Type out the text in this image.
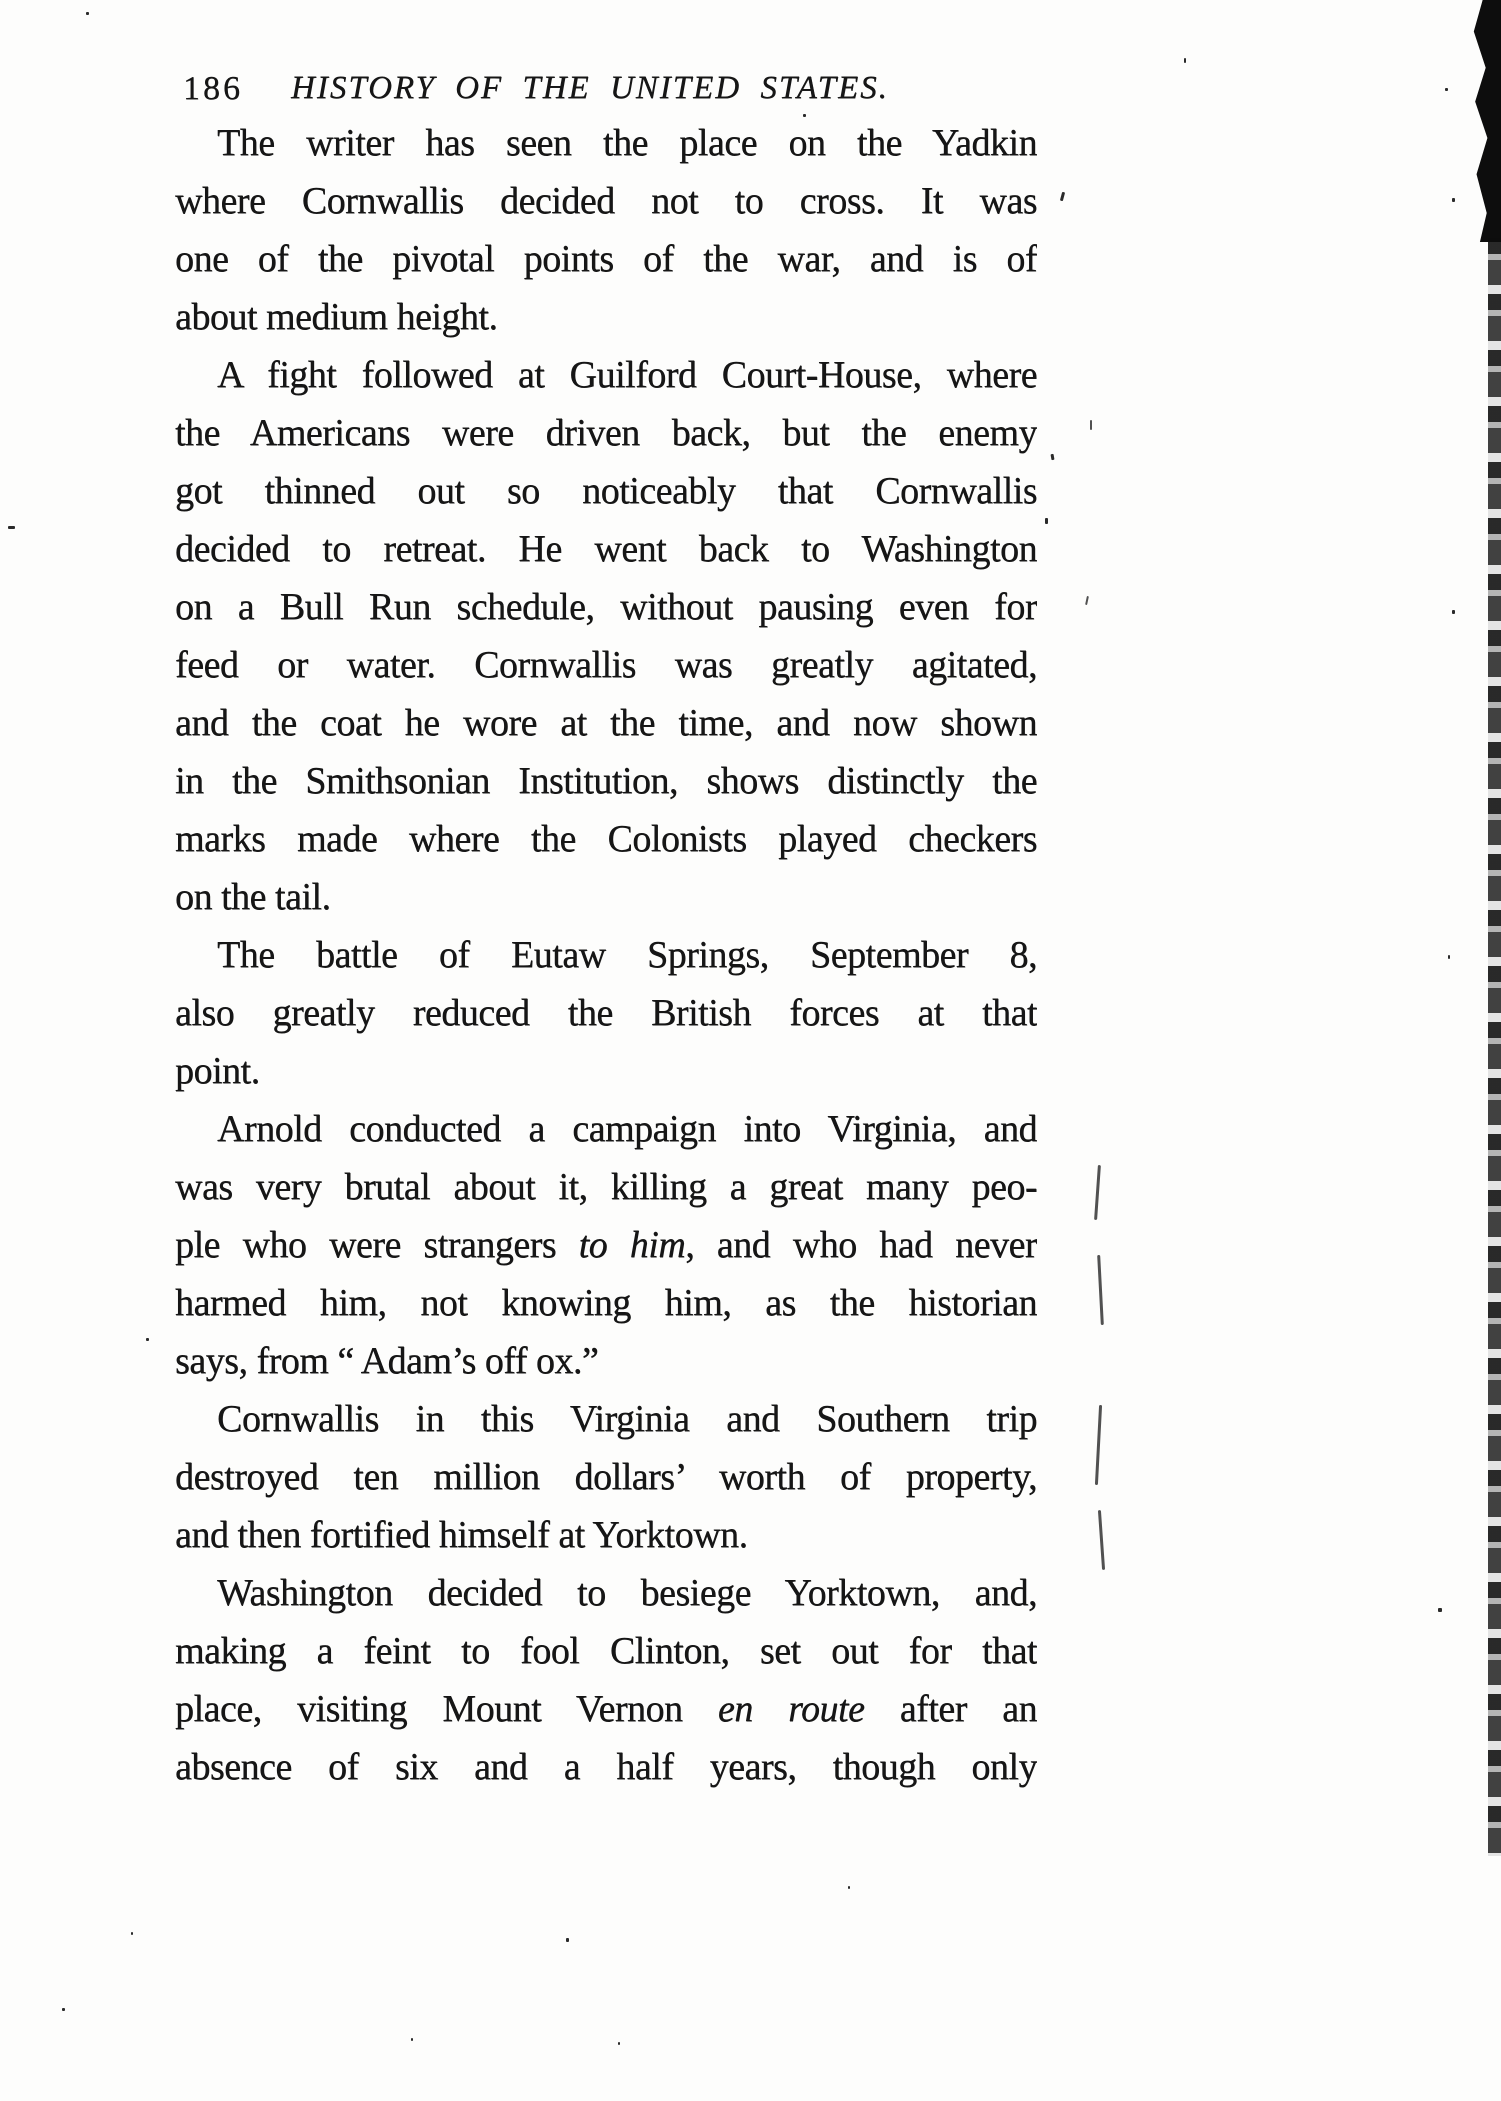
186 HISTORY OF THE UNITED STATES.
The writer has seen the place on the Yadkin
where Cornwallis decided not to cross. It was
one of the pivotal points of the war, and is of
about medium height.
A fight followed at Guilford Court-House, where
the Americans were driven back, but the enemy
got thinned out so noticeably that Cornwallis
decided to retreat. He went back to Washington
on a Bull Run schedule, without pausing even for
feed or water. Cornwallis was greatly agitated,
and the coat he wore at the time, and now shown
in the Smithsonian Institution, shows distinctly the
marks made where the Colonists played checkers
on the tail.
The battle of Eutaw Springs, September 8,
also greatly reduced the British forces at that
point.
Arnold conducted a campaign into Virginia, and
was very brutal about it, killing a great many peo-
ple who were strangers to him, and who had never
harmed him, not knowing him, as the historian
says, from “ Adam’s off ox.”
Cornwallis in this Virginia and Southern trip
destroyed ten million dollars’ worth of property,
and then fortified himself at Yorktown.
Washington decided to besiege Yorktown, and,
making a feint to fool Clinton, set out for that
place, visiting Mount Vernon en route after an
absence of six and a half years, though only
